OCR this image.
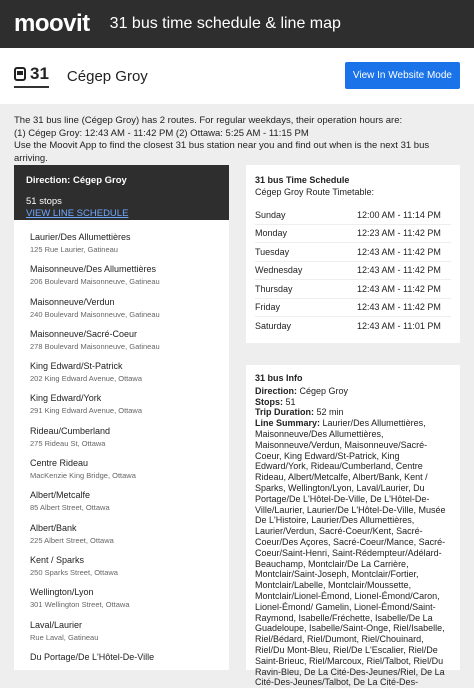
moovit 31 bus time schedule & line map
31 Cégep Groy	View In Website Mode
The 31 bus line (Cégep Groy) has 2 routes. For regular weekdays, their operation hours are:
(1) Cégep Groy: 12:43 AM - 11:42 PM (2) Ottawa: 5:25 AM - 11:15 PM
Use the Moovit App to find the closest 31 bus station near you and find out when is the next 31 bus arriving.
Direction: Cégep Groy
51 stops
VIEW LINE SCHEDULE
Laurier/Des Allumettières
125 Rue Laurier, Gatineau
Maisonneuve/Des Allumettières
206 Boulevard Maisonneuve, Gatineau
Maisonneuve/Verdun
240 Boulevard Maisonneuve, Gatineau
Maisonneuve/Sacré-Coeur
278 Boulevard Maisonneuve, Gatineau
King Edward/St-Patrick
202 King Edward Avenue, Ottawa
King Edward/York
291 King Edward Avenue, Ottawa
Rideau/Cumberland
275 Rideau St, Ottawa
Centre Rideau
MacKenzie King Bridge, Ottawa
Albert/Metcalfe
85 Albert Street, Ottawa
Albert/Bank
225 Albert Street, Ottawa
Kent / Sparks
250 Sparks Street, Ottawa
Wellington/Lyon
301 Wellington Street, Ottawa
Laval/Laurier
Rue Laval, Gatineau
Du Portage/De L'Hôtel-De-Ville
31 bus Time Schedule
Cégep Groy Route Timetable:
Sunday	12:00 AM - 11:14 PM
Monday	12:23 AM - 11:42 PM
Tuesday	12:43 AM - 11:42 PM
Wednesday	12:43 AM - 11:42 PM
Thursday	12:43 AM - 11:42 PM
Friday	12:43 AM - 11:42 PM
Saturday	12:43 AM - 11:01 PM
31 bus Info
Direction: Cégep Groy
Stops: 51
Trip Duration: 52 min
Line Summary: Laurier/Des Allumettières, Maisonneuve/Des Allumettières, Maisonneuve/Verdun, Maisonneuve/Sacré-Coeur, King Edward/St-Patrick, King Edward/York, Rideau/Cumberland, Centre Rideau, Albert/Metcalfe, Albert/Bank, Kent / Sparks, Wellington/Lyon, Laval/Laurier, Du Portage/De L'Hôtel-De-Ville, De L'Hôtel-De-Ville/Laurier, Laurier/De L'Hôtel-De-Ville, Musée De L'Histoire, Laurier/Des Allumettières, Laurier/Verdun, Sacré-Coeur/Kent, Sacré-Coeur/Des Açores, Sacré-Coeur/Mance, Sacré-Coeur/Saint-Henri, Saint-Rédempteur/Adélard-Beauchamp, Montclair/De La Carrière, Montclair/Saint-Joseph, Montclair/Fortier, Montclair/Labelle, Montclair/Moussette, Montclair/Lionel-Émond, Lionel-Émond/Caron, Lionel-Émond/ Gamelin, Lionel-Émond/Saint-Raymond, Isabelle/Fréchette, Isabelle/De La Guadeloupe, Isabelle/Saint-Onge, Riel/Isabelle, Riel/Bédard, Riel/Dumont, Riel/Chouinard, Riel/Du Mont-Bleu, Riel/De L'Escalier, Riel/De Saint-Brieuc, Riel/Marcoux, Riel/Talbot, Riel/Du Ravin-Bleu, De La Cité-Des-Jeunes/Riel, De La Cité-Des-Jeunes/Talbot, De La Cité-Des-
